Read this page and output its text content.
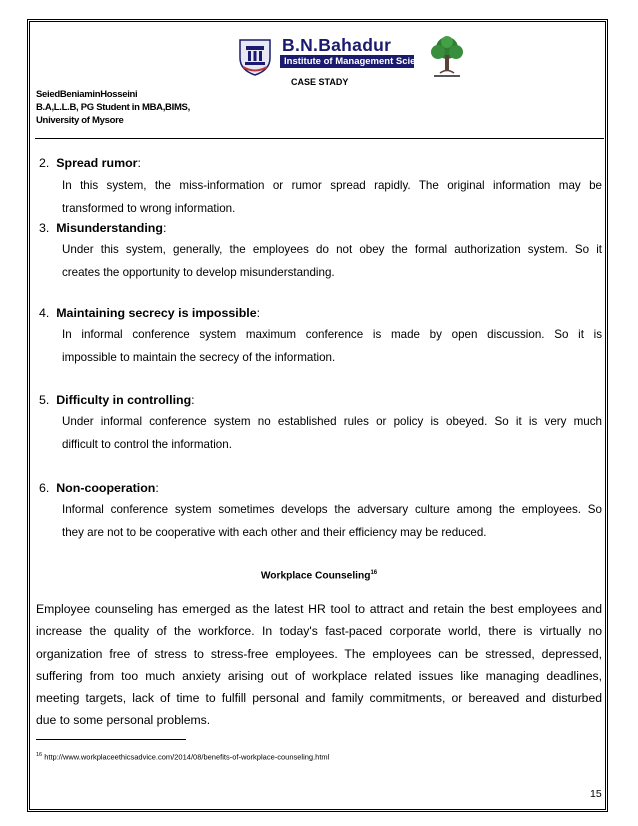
B.N.Bahadur
Institute of Management Science
CASE STADY
SeiedBeniaminHosseini
B.A,L.L.B, PG Student in MBA,BIMS,
University of Mysore
2. Spread rumor:
In this system, the miss-information or rumor spread rapidly. The original information may be
transformed to wrong information.
3. Misunderstanding:
Under this system, generally, the employees do not obey the formal authorization system. So it
creates the opportunity to develop misunderstanding.
4. Maintaining secrecy is impossible:
In informal conference system maximum conference is made by open discussion. So it is
impossible to maintain the secrecy of the information.
5. Difficulty in controlling:
Under informal conference system no established rules or policy is obeyed. So it is very much
difficult to control the information.
6. Non-cooperation:
Informal conference system sometimes develops the adversary culture among the employees. So
they are not to be cooperative with each other and their efficiency may be reduced.
Workplace Counseling$^{16}$
Employee counseling has emerged as the latest HR tool to attract and retain the best employees and
increase the quality of the workforce. In today's fast-paced corporate world, there is virtually no
organization free of stress to stress-free employees. The employees can be stressed, depressed,
suffering from too much anxiety arising out of workplace related issues like managing deadlines,
meeting targets, lack of time to fulfill personal and family commitments, or bereaved and disturbed
due to some personal problems.
$^{16}$ http://www.workplaceethicsadvice.com/2014/08/benefits-of-workplace-counseling.html
15
